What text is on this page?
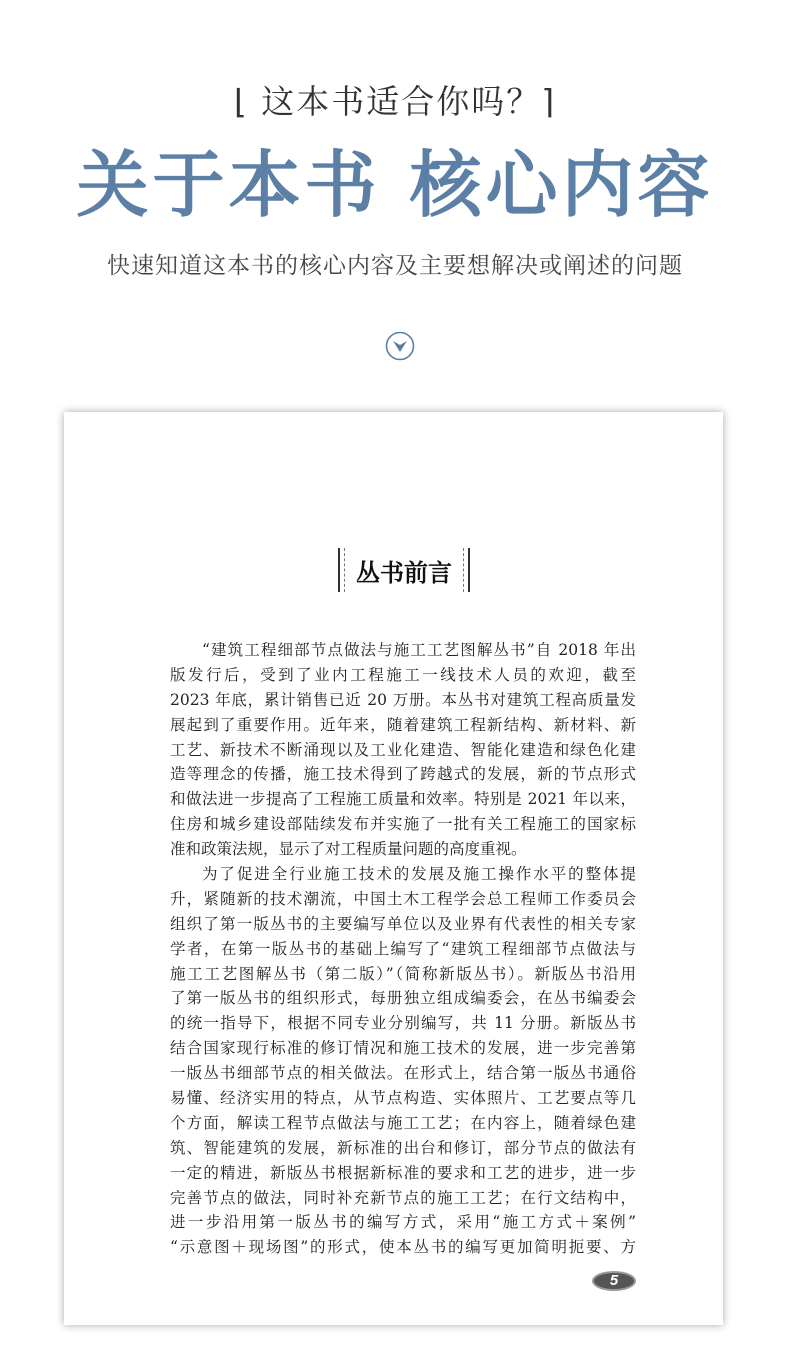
⌊ 这本书适合你吗？⌉
关于本书 核心内容
快速知道这本书的核心内容及主要想解决或阐述的问题
丛书前言
“建筑工程细部节点做法与施工工艺图解丛书”自 2018 年出
版发行后，受到了业内工程施工一线技术人员的欢迎，截至
2023 年底，累计销售已近 20 万册。本丛书对建筑工程高质量发
展起到了重要作用。近年来，随着建筑工程新结构、新材料、新
工艺、新技术不断涌现以及工业化建造、智能化建造和绿色化建
造等理念的传播，施工技术得到了跨越式的发展，新的节点形式
和做法进一步提高了工程施工质量和效率。特别是 2021 年以来，
住房和城乡建设部陆续发布并实施了一批有关工程施工的国家标
准和政策法规，显示了对工程质量问题的高度重视。
为了促进全行业施工技术的发展及施工操作水平的整体提
升，紧随新的技术潮流，中国土木工程学会总工程师工作委员会
组织了第一版丛书的主要编写单位以及业界有代表性的相关专家
学者，在第一版丛书的基础上编写了“建筑工程细部节点做法与
施工工艺图解丛书（第二版）”（简称新版丛书）。新版丛书沿用
了第一版丛书的组织形式，每册独立组成编委会，在丛书编委会
的统一指导下，根据不同专业分别编写，共 11 分册。新版丛书
结合国家现行标准的修订情况和施工技术的发展，进一步完善第
一版丛书细部节点的相关做法。在形式上，结合第一版丛书通俗
易懂、经济实用的特点，从节点构造、实体照片、工艺要点等几
个方面，解读工程节点做法与施工工艺；在内容上，随着绿色建
筑、智能建筑的发展，新标准的出台和修订，部分节点的做法有
一定的精进，新版丛书根据新标准的要求和工艺的进步，进一步
完善节点的做法，同时补充新节点的施工工艺；在行文结构中，
进一步沿用第一版丛书的编写方式，采用“施工方式＋案例”
“示意图＋现场图”的形式，使本丛书的编写更加简明扼要、方
5
